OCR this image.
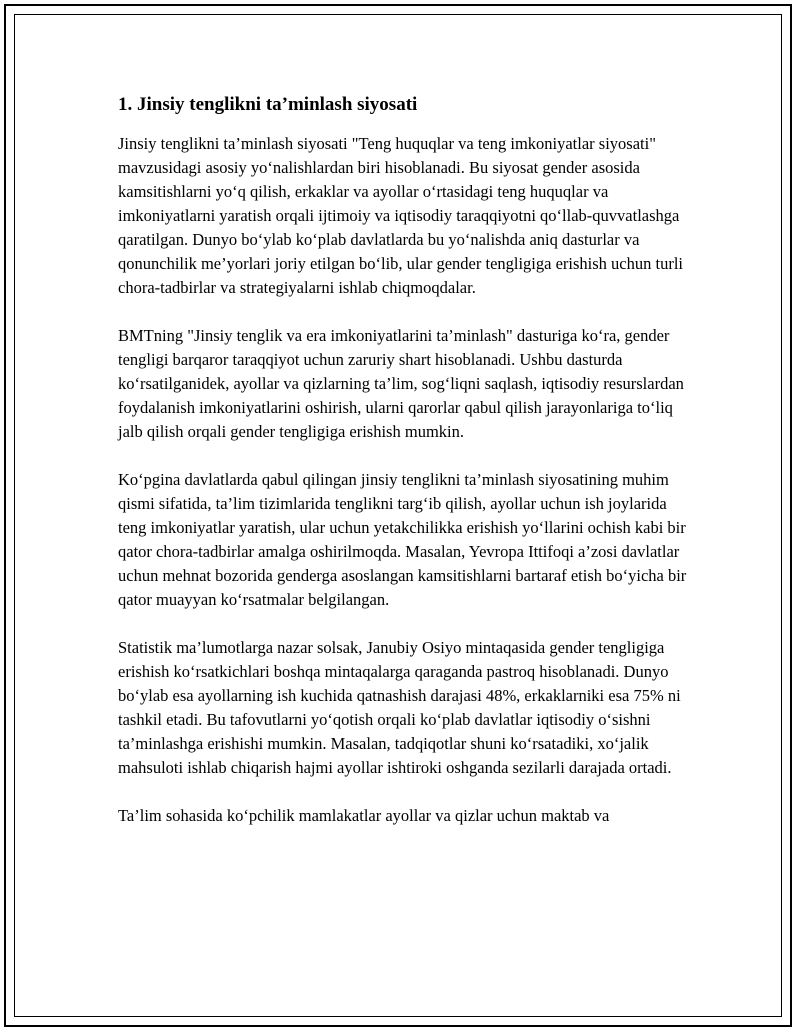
1. Jinsiy tenglikni ta’minlash siyosati

Jinsiy tenglikni ta’minlash siyosati "Teng huquqlar va teng imkoniyatlar siyosati" mavzusidagi asosiy yo‘nalishlardan biri hisoblanadi. Bu siyosat gender asosida kamsitishlarni yo‘q qilish, erkaklar va ayollar o‘rtasidagi teng huquqlar va imkoniyatlarni yaratish orqali ijtimoiy va iqtisodiy taraqqiyotni qo‘llab-quvvatlashga qaratilgan. Dunyo bo‘ylab ko‘plab davlatlarda bu yo‘nalishda aniq dasturlar va qonunchilik me’yorlari joriy etilgan bo‘lib, ular gender tengligiga erishish uchun turli chora-tadbirlar va strategiyalarni ishlab chiqmoqdalar.

BMTning "Jinsiy tenglik va era imkoniyatlarini ta’minlash" dasturiga ko‘ra, gender tengligi barqaror taraqqiyot uchun zaruriy shart hisoblanadi. Ushbu dasturda ko‘rsatilganidek, ayollar va qizlarning ta’lim, sog‘liqni saqlash, iqtisodiy resurslardan foydalanish imkoniyatlarini oshirish, ularni qarorlar qabul qilish jarayonlariga to‘liq jalb qilish orqali gender tengligiga erishish mumkin.

Ko‘pgina davlatlarda qabul qilingan jinsiy tenglikni ta’minlash siyosatining muhim qismi sifatida, ta’lim tizimlarida tenglikni targ‘ib qilish, ayollar uchun ish joylarida teng imkoniyatlar yaratish, ular uchun yetakchilikka erishish yo‘llarini ochish kabi bir qator chora-tadbirlar amalga oshirilmoqda. Masalan, Yevropa Ittifoqi a’zosi davlatlar uchun mehnat bozorida genderga asoslangan kamsitishlarni bartaraf etish bo‘yicha bir qator muayyan ko‘rsatmalar belgilangan.

Statistik ma’lumotlarga nazar solsak, Janubiy Osiyo mintaqasida gender tengligiga erishish ko‘rsatkichlari boshqa mintaqalarga qaraganda pastroq hisoblanadi. Dunyo bo‘ylab esa ayollarning ish kuchida qatnashish darajasi 48%, erkaklarniki esa 75% ni tashkil etadi. Bu tafovutlarni yo‘qotish orqali ko‘plab davlatlar iqtisodiy o‘sishni ta’minlashga erishishi mumkin. Masalan, tadqiqotlar shuni ko‘rsatadiki, xo‘jalik mahsuloti ishlab chiqarish hajmi ayollar ishtiroki oshganda sezilarli darajada ortadi.

Ta’lim sohasida ko‘pchilik mamlakatlar ayollar va qizlar uchun maktab va
